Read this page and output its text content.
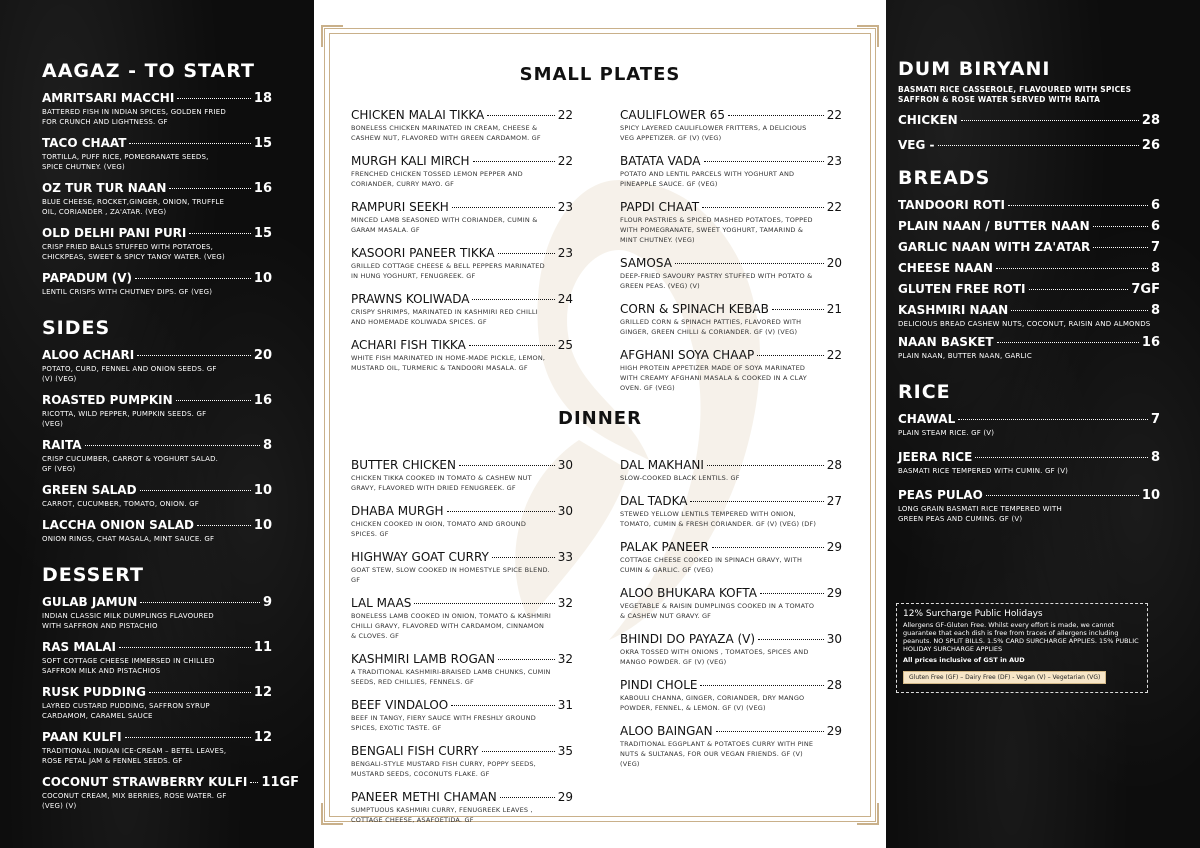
AAGAZ - TO START
AMRITSARI MACCHI	18
BATTERED FISH IN INDIAN SPICES, GOLDEN FRIED FOR CRUNCH AND LIGHTNESS. GF
TACO CHAAT	15
TORTILLA, PUFF RICE, POMEGRANATE SEEDS, SPICE CHUTNEY. (VEG)
OZ TUR TUR NAAN	16
BLUE CHEESE, ROCKET,GINGER, ONION, TRUFFLE OIL, CORIANDER , ZA'ATAR. (VEG)
OLD DELHI PANI PURI	15
CRISP FRIED BALLS STUFFED WITH POTATOES, CHICKPEAS, SWEET & SPICY TANGY WATER. (VEG)
PAPADUM (V)	10
LENTIL CRISPS WITH CHUTNEY DIPS. GF (VEG)
SIDES
ALOO ACHARI	20
POTATO, CURD, FENNEL AND ONION SEEDS. GF (V) (VEG)
ROASTED PUMPKIN	16
RICOTTA, WILD PEPPER, PUMPKIN SEEDS. GF (VEG)
RAITA	8
CRISP CUCUMBER, CARROT & YOGHURT SALAD. GF (VEG)
GREEN SALAD	10
CARROT, CUCUMBER, TOMATO, ONION. GF
LACCHA ONION SALAD	10
ONION RINGS, CHAT MASALA, MINT SAUCE. GF
DESSERT
GULAB JAMUN	9
INDIAN CLASSIC MILK DUMPLINGS FLAVOURED WITH SAFFRON AND PISTACHIO
RAS MALAI	11
SOFT COTTAGE CHEESE IMMERSED IN CHILLED SAFFRON MILK AND PISTACHIOS
RUSK PUDDING	12
LAYRED CUSTARD PUDDING, SAFFRON SYRUP CARDAMOM, CARAMEL SAUCE
PAAN KULFI	12
TRADITIONAL INDIAN ICE-CREAM – BETEL LEAVES, ROSE PETAL JAM & FENNEL SEEDS. GF
COCONUT STRAWBERRY KULFI 11GF
COCONUT CREAM, MIX BERRIES, ROSE WATER. GF (VEG) (V)
SMALL PLATES
CHICKEN MALAI TIKKA	22
BONELESS CHICKEN MARINATED IN CREAM, CHEESE & CASHEW NUT, FLAVORED WITH GREEN CARDAMOM. GF
MURGH KALI MIRCH	22
FRENCHED CHICKEN TOSSED LEMON PEPPER AND CORIANDER, CURRY MAYO. GF
RAMPURI SEEKH	23
MINCED LAMB SEASONED WITH CORIANDER, CUMIN & GARAM MASALA. GF
KASOORI PANEER TIKKA	23
GRILLED COTTAGE CHEESE & BELL PEPPERS MARINATED IN HUNG YOGHURT, FENUGREEK. GF
PRAWNS KOLIWADA	24
CRISPY SHRIMPS, MARINATED IN KASHMIRI RED CHILLI AND HOMEMADE KOLIWADA SPICES. GF
ACHARI FISH TIKKA	25
WHITE FISH MARINATED IN HOME-MADE PICKLE, LEMON, MUSTARD OIL, TURMERIC & TANDOORI MASALA. GF
CAULIFLOWER 65	22
SPICY LAYERED CAULIFLOWER FRITTERS, A DELICIOUS VEG APPETIZER. GF (V) (VEG)
BATATA VADA	23
POTATO AND LENTIL PARCELS WITH YOGHURT AND PINEAPPLE SAUCE. GF (VEG)
PAPDI CHAAT	22
FLOUR PASTRIES & SPICED MASHED POTATOES, TOPPED WITH POMEGRANATE, SWEET YOGHURT, TAMARIND & MINT CHUTNEY. (VEG)
SAMOSA	20
DEEP-FRIED SAVOURY PASTRY STUFFED WITH POTATO & GREEN PEAS. (VEG) (V)
CORN & SPINACH KEBAB	21
GRILLED CORN & SPINACH PATTIES, FLAVORED WITH GINGER, GREEN CHILLI & CORIANDER. GF (V) (VEG)
AFGHANI SOYA CHAAP	22
HIGH PROTEIN APPETIZER MADE OF SOYA MARINATED WITH CREAMY AFGHANI MASALA & COOKED IN A CLAY OVEN. GF (VEG)
DINNER
BUTTER CHICKEN	30
CHICKEN TIKKA COOKED IN TOMATO & CASHEW NUT GRAVY, FLAVORED WITH DRIED FENUGREEK. GF
DHABA MURGH	30
CHICKEN COOKED IN OION, TOMATO AND GROUND SPICES. GF
HIGHWAY GOAT CURRY	33
GOAT STEW, SLOW COOKED IN HOMESTYLE SPICE BLEND. GF
LAL MAAS	32
BONELESS LAMB COOKED IN ONION, TOMATO & KASHMIRI CHILLI GRAVY, FLAVORED WITH CARDAMOM, CINNAMON & CLOVES. GF
KASHMIRI LAMB ROGAN	32
A TRADITIONAL KASHMIRI-BRAISED LAMB CHUNKS, CUMIN SEEDS, RED CHILLIES, FENNELS. GF
BEEF VINDALOO	31
BEEF IN TANGY, FIERY SAUCE WITH FRESHLY GROUND SPICES, EXOTIC TASTE. GF
BENGALI FISH CURRY	35
BENGALI-STYLE MUSTARD FISH CURRY, POPPY SEEDS, MUSTARD SEEDS, COCONUTS FLAKE. GF
PANEER METHI CHAMAN	29
SUMPTUOUS KASHMIRI CURRY, FENUGREEK LEAVES , COTTAGE CHEESE, ASAFOETIDA. GF
DAL MAKHANI	28
SLOW-COOKED BLACK LENTILS. GF
DAL TADKA	27
STEWED YELLOW LENTILS TEMPERED WITH ONION, TOMATO, CUMIN & FRESH CORIANDER. GF (V) (VEG) (DF)
PALAK PANEER	29
COTTAGE CHEESE COOKED IN SPINACH GRAVY, WITH CUMIN & GARLIC. GF (VEG)
ALOO BHUKARA KOFTA	29
VEGETABLE & RAISIN DUMPLINGS COOKED IN A TOMATO & CASHEW NUT GRAVY. GF
BHINDI DO PAYAZA (V)	30
OKRA TOSSED WITH ONIONS , TOMATOES, SPICES AND MANGO POWDER. GF (V) (VEG)
PINDI CHOLE	28
KABOULI CHANNA, GINGER, CORIANDER, DRY MANGO POWDER, FENNEL, & LEMON. GF (V) (VEG)
ALOO BAINGAN	29
TRADITIONAL EGGPLANT & POTATOES CURRY WITH PINE NUTS & SULTANAS, FOR OUR VEGAN FRIENDS. GF (V) (VEG)
DUM BIRYANI
BASMATI RICE CASSEROLE, FLAVOURED WITH SPICES SAFFRON & ROSE WATER SERVED WITH RAITA
CHICKEN	28
VEG -	26
BREADS
TANDOORI ROTI	6
PLAIN NAAN / BUTTER NAAN	6
GARLIC NAAN WITH ZA'ATAR	7
CHEESE NAAN	8
GLUTEN FREE ROTI	7GF
KASHMIRI NAAN	8
DELICIOUS BREAD CASHEW NUTS, COCONUT, RAISIN AND ALMONDS
NAAN BASKET	16
PLAIN NAAN, BUTTER NAAN, GARLIC
RICE
CHAWAL	7
PLAIN STEAM RICE. GF (V)
JEERA RICE	8
BASMATI RICE TEMPERED WITH CUMIN. GF (V)
PEAS PULAO	10
LONG GRAIN BASMATI RICE TEMPERED WITH GREEN PEAS AND CUMINS. GF (V)
12% Surcharge Public Holidays
Allergens GF-Gluten Free. Whilst every effort is made, we cannot guarantee that each dish is free from traces of allergens including peanuts. NO SPLIT BILLS. 1.5% CARD SURCHARGE APPLIES. 15% PUBLIC HOLIDAY SURCHARGE APPLIES
All prices inclusive of GST in AUD
Gluten Free (GF) – Dairy Free (DF) - Vegan (V) – Vegetarian (VG)
